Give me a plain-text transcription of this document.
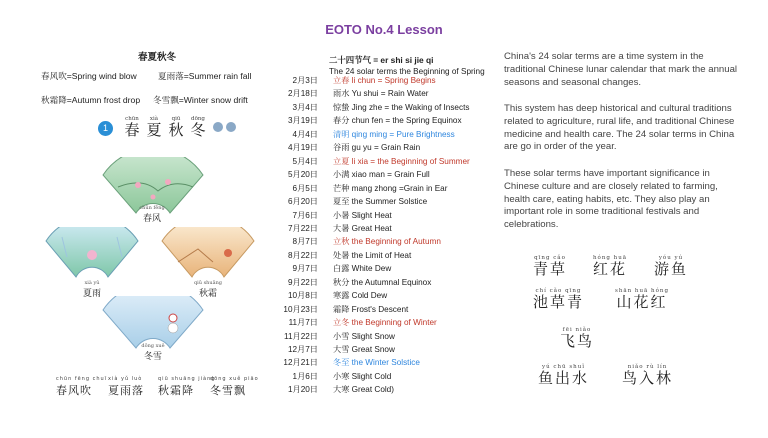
EOTO No.4 Lesson
春夏秋冬
春风吹=Spring wind blow 夏雨落=Summer rain fall
秋霜降=Autumn frost drop 冬雪飘=Winter snow drift
1
chūn
春
xià
夏
qiū
秋
dōng
冬
chūn fēng
春风
xià yǔ
夏雨
qiū shuāng
秋霜
dōng xuě
冬雪
chūn fēng chuī
春风吹
xià yǔ luò
夏雨落
qiū shuāng jiàng
秋霜降
dōng xuě piāo
冬雪飘
二十四节气 = er shi si jie qi
The 24 solar terms the Beginning of Spring
2月3日 立春 li chun = Spring Begins
2月18日 雨水 Yu shui = Rain Water
3月4日 惊蛰 Jing zhe = the Waking of Insects
3月19日 春分 chun fen = the Spring Equinox
4月4日 清明 qing ming = Pure Brightness
4月19日 谷雨 gu yu = Grain Rain
5月4日 立夏 li xia = the Beginning of Summer
5月20日 小满 xiao man = Grain Full
6月5日 芒种 mang zhong =Grain in Ear
6月20日 夏至 the Summer Solstice
7月6日 小暑 Slight Heat
7月22日 大暑 Great Heat
8月7日 立秋 the Beginning of Autumn
8月22日 处暑 the Limit of Heat
9月7日 白露 White Dew
9月22日 秋分 the Autumnal Equinox
10月8日 寒露 Cold Dew
10月23日 霜降 Frost's Descent
11月7日 立冬 the Beginning of Winter
11月22日 小雪 Slight Snow
12月7日 大雪 Great Snow
12月21日 冬至 the Winter Solstice
1月6日 小寒 Slight Cold
1月20日 大寒 Great Cold)
China's 24 solar terms are a time system in the traditional Chinese lunar calendar that mark the annual seasons and seasonal changes.
This system has deep historical and cultural traditions related to agriculture, rural life, and traditional Chinese medicine and health care. The 24 solar terms in China are go in order of the year.
These solar terms have important significance in Chinese culture and are closely related to farming, health care, eating habits, etc. They also play an important role in some traditional festivals and celebrations.
qīng cǎo
青草
hóng huā
红花
yóu yú
游鱼
chí cǎo qīng
池草青
shān huā hóng
山花红
fēi niǎo
飞鸟
yú chū shuǐ
鱼出水
niǎo rù lín
鸟入林
